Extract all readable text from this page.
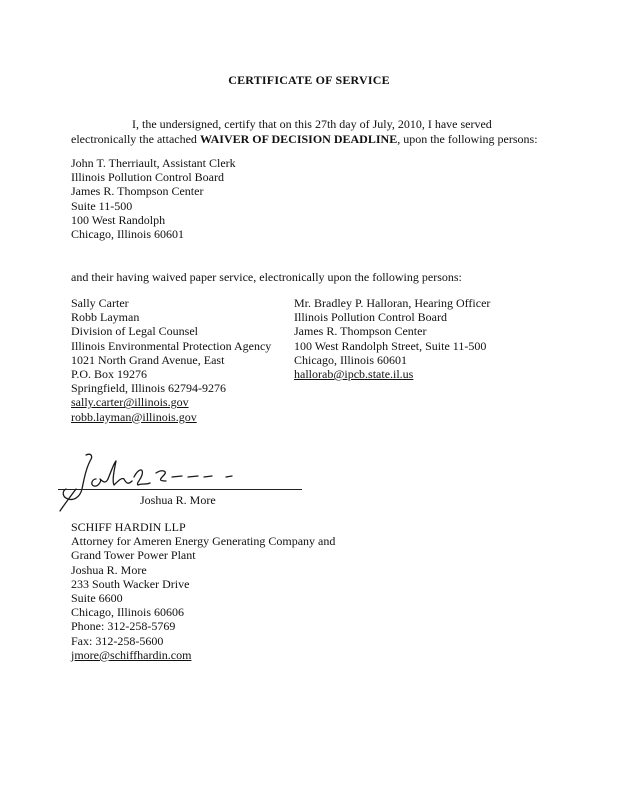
CERTIFICATE OF SERVICE
I, the undersigned, certify that on this 27th day of July, 2010, I have served electronically the attached WAIVER OF DECISION DEADLINE, upon the following persons:
John T. Therriault, Assistant Clerk
Illinois Pollution Control Board
James R. Thompson Center
Suite 11-500
100 West Randolph
Chicago, Illinois 60601
and their having waived paper service, electronically upon the following persons:
Sally Carter
Robb Layman
Division of Legal Counsel
Illinois Environmental Protection Agency
1021 North Grand Avenue, East
P.O. Box 19276
Springfield, Illinois 62794-9276
sally.carter@illinois.gov
robb.layman@illinois.gov
Mr. Bradley P. Halloran, Hearing Officer
Illinois Pollution Control Board
James R. Thompson Center
100 West Randolph Street, Suite 11-500
Chicago, Illinois 60601
hallorab@ipcb.state.il.us
Joshua R. More
SCHIFF HARDIN LLP
Attorney for Ameren Energy Generating Company and
Grand Tower Power Plant
Joshua R. More
233 South Wacker Drive
Suite 6600
Chicago, Illinois 60606
Phone: 312-258-5769
Fax: 312-258-5600
jmore@schiffhardin.com
